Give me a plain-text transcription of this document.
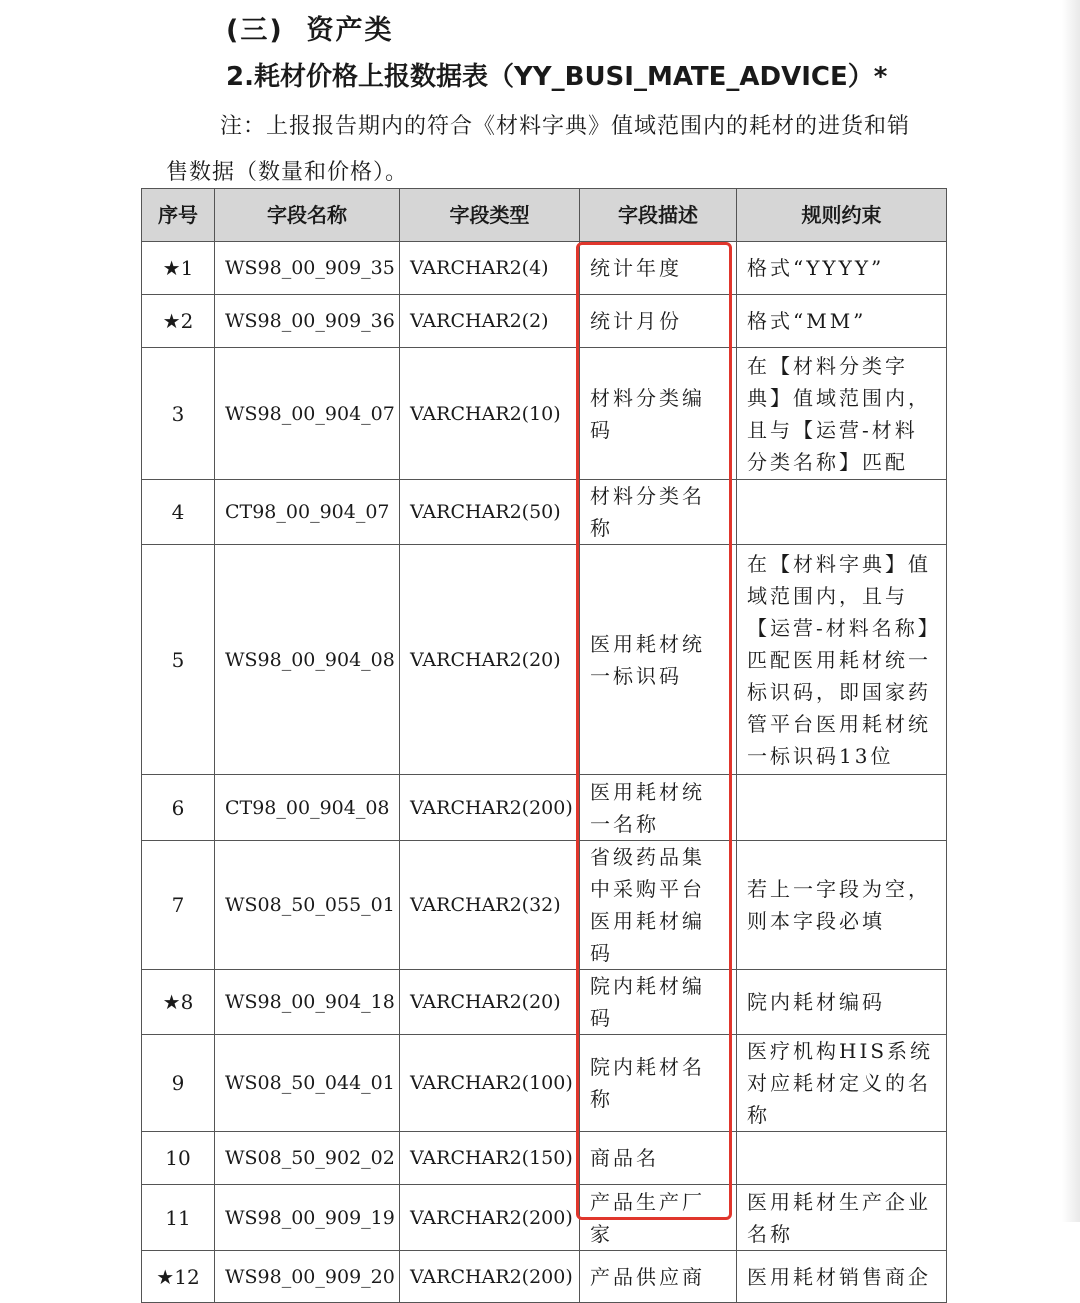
(三)  资产类
2.耗材价格上报数据表（YY_BUSI_MATE_ADVICE）*
注：上报报告期内的符合《材料字典》值域范围内的耗材的进货和销售数据（数量和价格）。
序号	字段名称	字段类型	字段描述	规则约束
★1	WS98_00_909_35	VARCHAR2(4)	统计年度	格式“YYYY”
★2	WS98_00_909_36	VARCHAR2(2)	统计月份	格式“MM”
3	WS98_00_904_07	VARCHAR2(10)	材料分类编码	在【材料分类字典】值域范围内，且与【运营-材料分类名称】匹配
4	CT98_00_904_07	VARCHAR2(50)	材料分类名称	
5	WS98_00_904_08	VARCHAR2(20)	医用耗材统一标识码	在【材料字典】值域范围内，且与【运营-材料名称】匹配医用耗材统一标识码，即国家药管平台医用耗材统一标识码13位
6	CT98_00_904_08	VARCHAR2(200)	医用耗材统一名称	
7	WS08_50_055_01	VARCHAR2(32)	省级药品集中采购平台医用耗材编码	若上一字段为空，则本字段必填
★8	WS98_00_904_18	VARCHAR2(20)	院内耗材编码	院内耗材编码
9	WS08_50_044_01	VARCHAR2(100)	院内耗材名称	医疗机构HIS系统对应耗材定义的名称
10	WS08_50_902_02	VARCHAR2(150)	商品名	
11	WS98_00_909_19	VARCHAR2(200)	产品生产厂家	医用耗材生产企业名称
★12	WS98_00_909_20	VARCHAR2(200)	产品供应商	医用耗材销售商企
